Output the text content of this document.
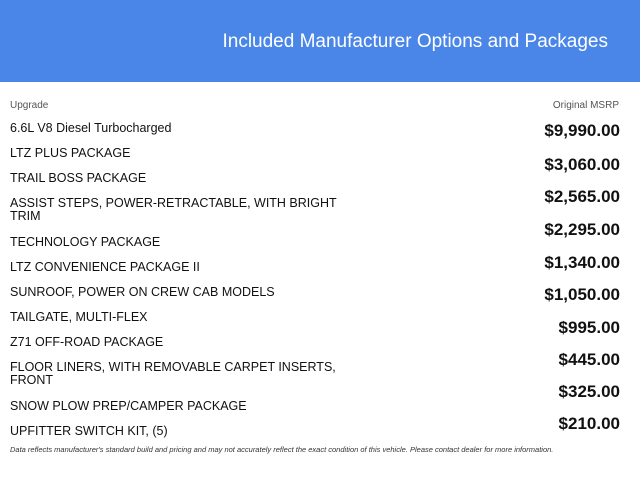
Included Manufacturer Options and Packages
Upgrade	Original MSRP
6.6L V8 Diesel Turbocharged
LTZ PLUS PACKAGE
TRAIL BOSS PACKAGE
ASSIST STEPS, POWER-RETRACTABLE, WITH BRIGHT TRIM
TECHNOLOGY PACKAGE
LTZ CONVENIENCE PACKAGE II
SUNROOF, POWER ON CREW CAB MODELS
TAILGATE, MULTI-FLEX
Z71 OFF-ROAD PACKAGE
FLOOR LINERS, WITH REMOVABLE CARPET INSERTS, FRONT
SNOW PLOW PREP/CAMPER PACKAGE
UPFITTER SWITCH KIT, (5)
$9,990.00
$3,060.00
$2,565.00
$2,295.00
$1,340.00
$1,050.00
$995.00
$445.00
$325.00
$210.00
Data reflects manufacturer's standard build and pricing and may not accurately reflect the exact condition of this vehicle. Please contact dealer for more information.
